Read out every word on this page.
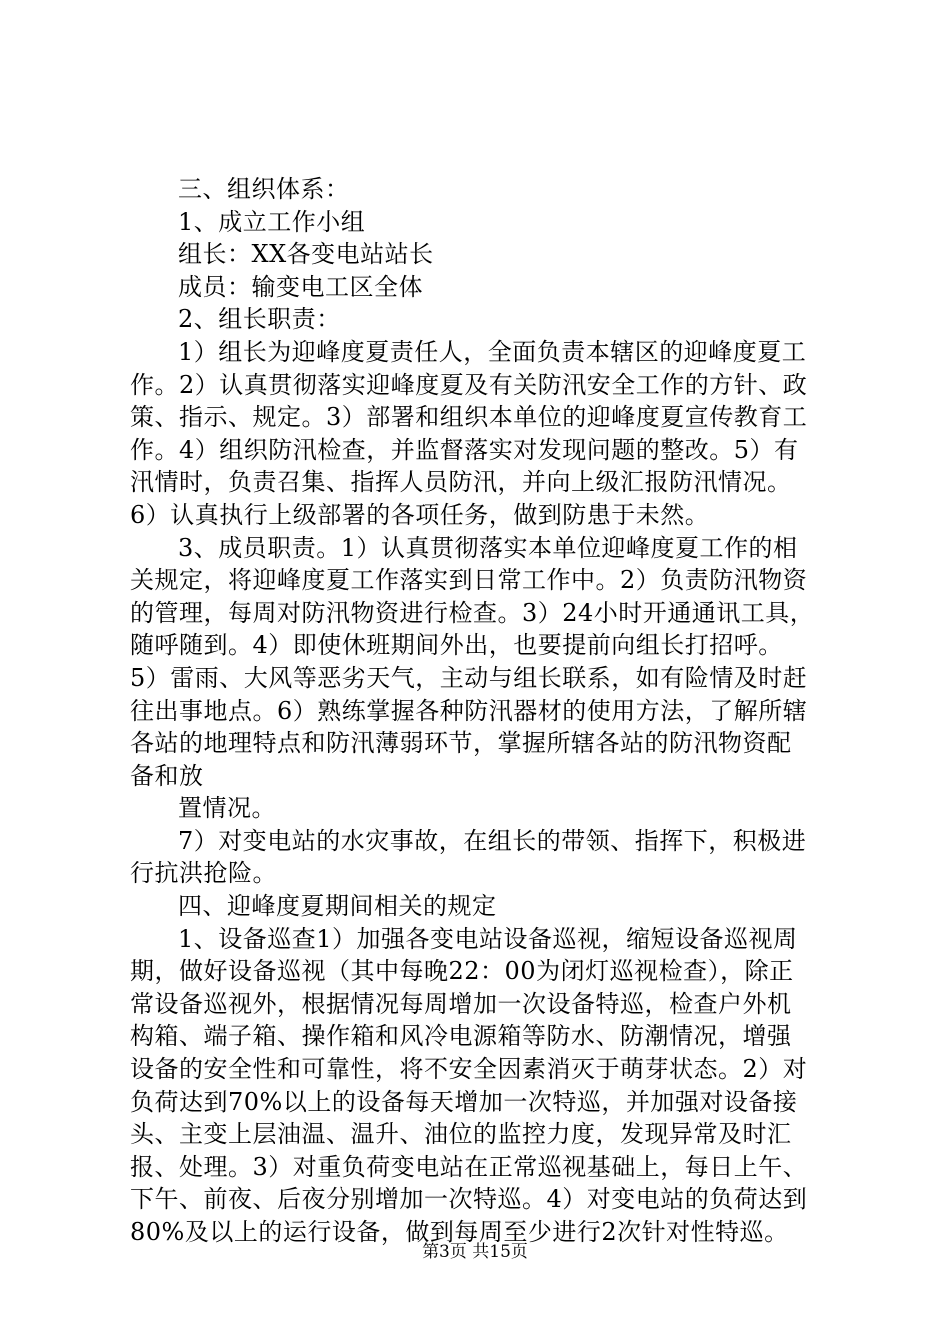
三、组织体系：
1、成立工作小组
组长：XX各变电站站长
成员：输变电工区全体
2、组长职责：
1）组长为迎峰度夏责任人，全面负责本辖区的迎峰度夏工
作。2）认真贯彻落实迎峰度夏及有关防汛安全工作的方针、政
策、指示、规定。3）部署和组织本单位的迎峰度夏宣传教育工
作。4）组织防汛检查，并监督落实对发现问题的整改。5）有
汛情时，负责召集、指挥人员防汛，并向上级汇报防汛情况。
6）认真执行上级部署的各项任务，做到防患于未然。
3、成员职责。1）认真贯彻落实本单位迎峰度夏工作的相
关规定，将迎峰度夏工作落实到日常工作中。2）负责防汛物资
的管理，每周对防汛物资进行检查。3）24小时开通通讯工具，
随呼随到。4）即使休班期间外出，也要提前向组长打招呼。
5）雷雨、大风等恶劣天气，主动与组长联系，如有险情及时赶
往出事地点。6）熟练掌握各种防汛器材的使用方法，了解所辖
各站的地理特点和防汛薄弱环节，掌握所辖各站的防汛物资配
备和放
置情况。
7）对变电站的水灾事故，在组长的带领、指挥下，积极进
行抗洪抢险。
四、迎峰度夏期间相关的规定
1、设备巡查1）加强各变电站设备巡视，缩短设备巡视周
期，做好设备巡视（其中每晚22：00为闭灯巡视检查），除正
常设备巡视外，根据情况每周增加一次设备特巡，检查户外机
构箱、端子箱、操作箱和风冷电源箱等防水、防潮情况，增强
设备的安全性和可靠性，将不安全因素消灭于萌芽状态。2）对
负荷达到70%以上的设备每天增加一次特巡，并加强对设备接
头、主变上层油温、温升、油位的监控力度，发现异常及时汇
报、处理。3）对重负荷变电站在正常巡视基础上，每日上午、
下午、前夜、后夜分别增加一次特巡。4）对变电站的负荷达到
80%及以上的运行设备，做到每周至少进行2次针对性特巡。
第3页 共15页
